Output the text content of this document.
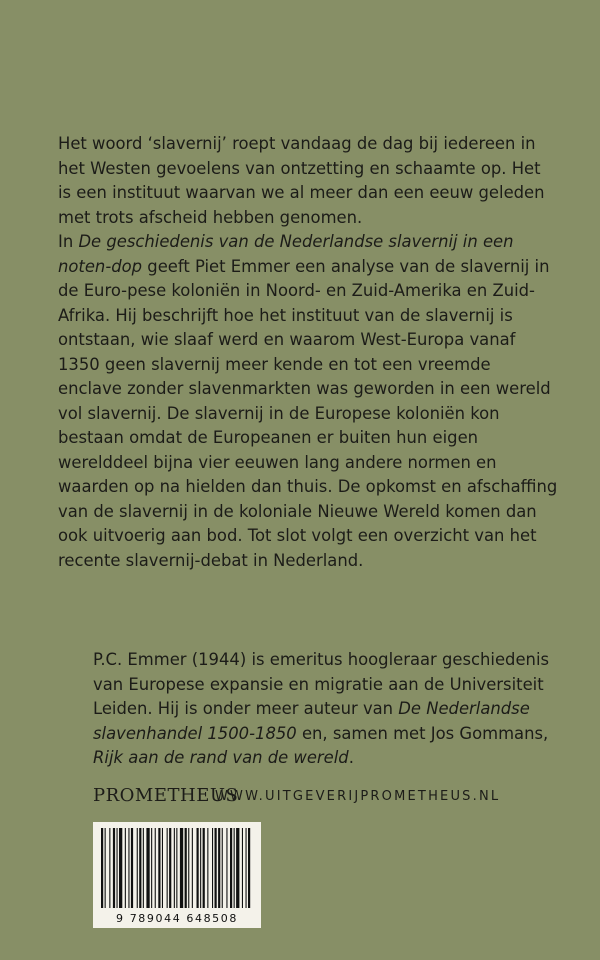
Het woord ‘slavernij’ roept vandaag de dag bij iedereen in het Westen gevoelens van ontzetting en schaamte op. Het is een instituut waarvan we al meer dan een eeuw geleden met trots afscheid hebben genomen.

In De geschiedenis van de Nederlandse slavernij in een noten-dop geeft Piet Emmer een analyse van de slavernij in de Euro-pese koloniën in Noord- en Zuid-Amerika en Zuid-Afrika. Hij beschrijft hoe het instituut van de slavernij is ontstaan, wie slaaf werd en waarom West-Europa vanaf 1350 geen slavernij meer kende en tot een vreemde enclave zonder slavenmarkten was geworden in een wereld vol slavernij. De slavernij in de Europese koloniën kon bestaan omdat de Europeanen er buiten hun eigen werelddeel bijna vier eeuwen lang andere normen en waarden op na hielden dan thuis. De opkomst en afschaffing van de slavernij in de koloniale Nieuwe Wereld komen dan ook uitvoerig aan bod. Tot slot volgt een overzicht van het recente slavernij-debat in Nederland.

P.C. Emmer (1944) is emeritus hoogleraar geschiedenis van Europese expansie en migratie aan de Universiteit Leiden. Hij is onder meer auteur van De Nederlandse slavenhandel 1500-1850 en, samen met Jos Gommans, Rijk aan de rand van de wereld.

PROMETHEUS
WWW.UITGEVERIJPROMETHEUS.NL
9 789044 648508
